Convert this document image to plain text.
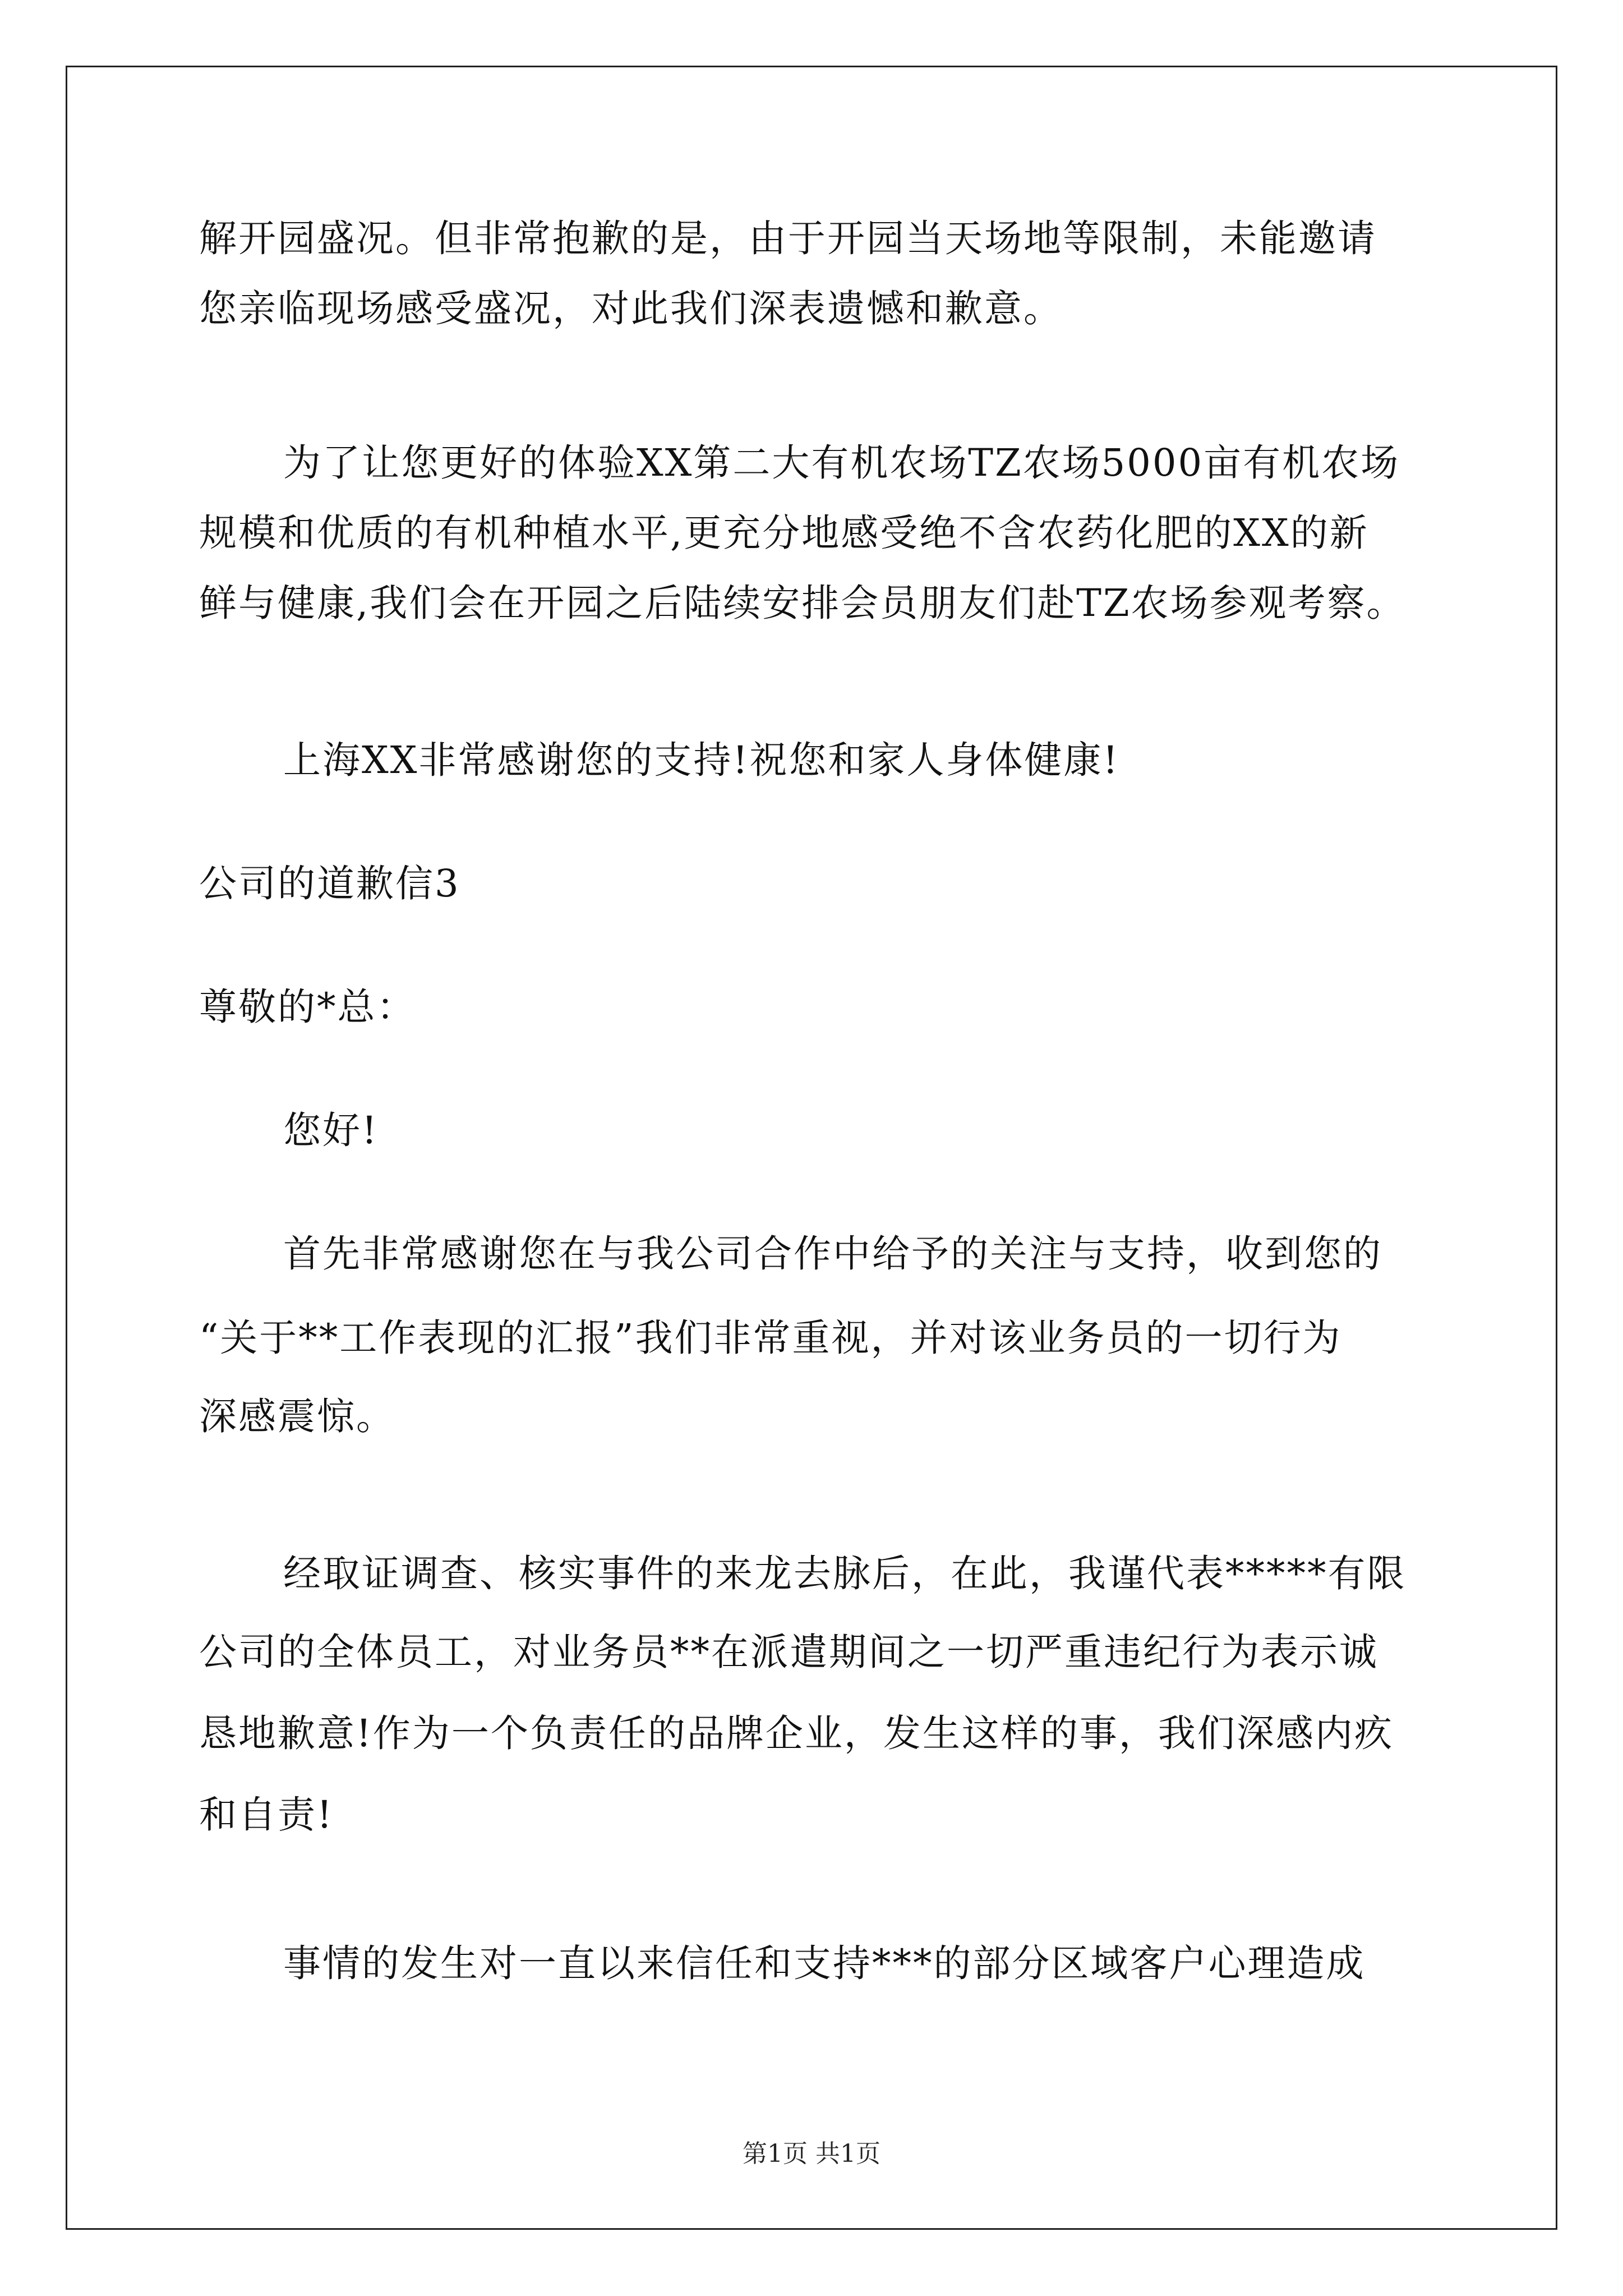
解开园盛况。但非常抱歉的是，由于开园当天场地等限制，未能邀请
您亲临现场感受盛况，对此我们深表遗憾和歉意。
为了让您更好的体验XX第二大有机农场TZ农场5000亩有机农场
规模和优质的有机种植水平,更充分地感受绝不含农药化肥的XX的新
鲜与健康,我们会在开园之后陆续安排会员朋友们赴TZ农场参观考察。
上海XX非常感谢您的支持!祝您和家人身体健康!
公司的道歉信3
尊敬的*总：
您好!
首先非常感谢您在与我公司合作中给予的关注与支持，收到您的
“关于**工作表现的汇报”我们非常重视，并对该业务员的一切行为
深感震惊。
经取证调查、核实事件的来龙去脉后，在此，我谨代表*****有限
公司的全体员工，对业务员**在派遣期间之一切严重违纪行为表示诚
恳地歉意!作为一个负责任的品牌企业，发生这样的事，我们深感内疚
和自责!
事情的发生对一直以来信任和支持***的部分区域客户心理造成
第1页 共1页
